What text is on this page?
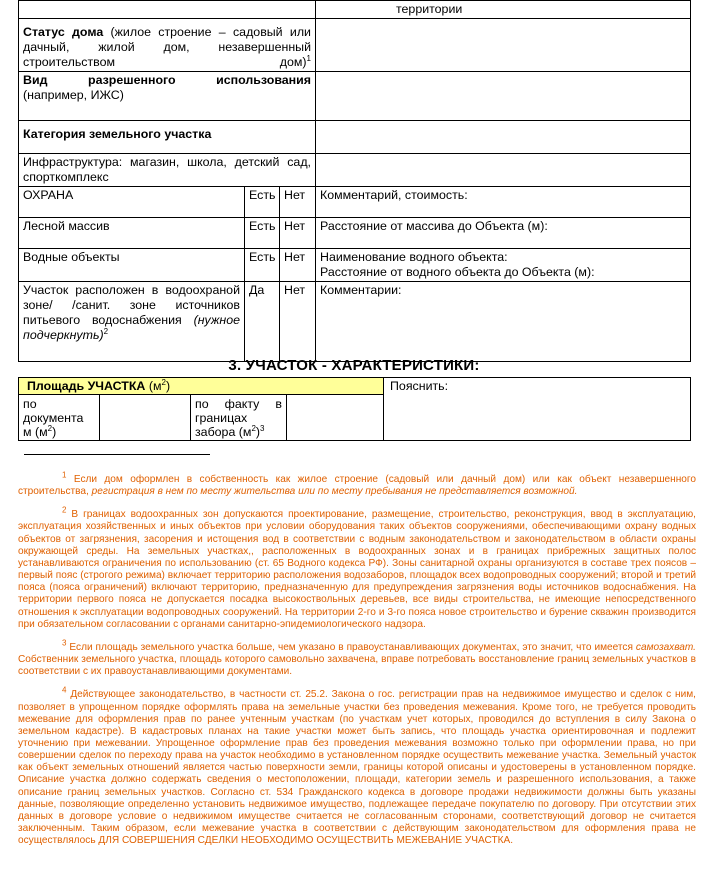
			территории
Статус дома (жилое строение – садовый или дачный, жилой дом, незавершенный строительством дом)$^1$	

Вид разрешенного использования
(например, ИЖС)			

Категория земельного участка			
Инфраструктура: магазин, школа, детский сад, спорткомплекс			
ОХРАНА	Есть	Нет	Комментарий, стоимость:
Лесной массив	Есть	Нет	Расстояние от массива до Объекта (м):
Водные объекты	Есть	Нет	Наименование водного объекта:
Расстояние от водного объекта до Объекта (м):

Участок расположен в водоохраной зоне/ /санит. зоне источников питьевого водоснабжения (нужное подчеркнуть)$^2$	Да	Нет	Комментарии:
3. УЧАСТОК - ХАРАКТЕРИСТИКИ:
Площадь УЧАСТКА $(м^2)$				Пояснить:
по документа м $(м^2)$		по факту в границах забора $(м^2)^3$	

$^1$ Если дом оформлен в собственность как жилое строение (садовый или дачный дом) или как объект незавершенного строительства, регистрация в нем по месту жительства или по месту пребывания не представляется возможной.

$^2$ В границах водоохранных зон допускаются проектирование, размещение, строительство, реконструкция, ввод в эксплуатацию, эксплуатация хозяйственных и иных объектов при условии оборудования таких объектов сооружениями, обеспечивающими охрану водных объектов от загрязнения, засорения и истощения вод в соответствии с водным законодательством и законодательством в области охраны окружающей среды. На земельных участках,, расположенных в водоохранных зонах и в границах прибрежных защитных полос устанавливаются ограничения по использованию (ст. 65 Водного кодекса РФ). Зоны санитарной охраны организуются в составе трех поясов – первый пояс (строгого режима) включает территорию расположения водозаборов, площадок всех водопроводных сооружений; второй и третий пояса (пояса ограничений) включают территорию, предназначенную для предупреждения загрязнения воды источников водоснабжения. На территории первого пояса не допускается посадка высокоствольных деревьев, все виды строительства, не имеющие непосредственного отношения к эксплуатации водопроводных сооружений. На территории 2-го и 3-го пояса новое строительство и бурение скважин производится при обязательном согласовании с органами санитарно-эпидемиологического надзора.

$^3$ Если площадь земельного участка больше, чем указано в правоустанавливающих документах, это значит, что имеется самозахват. Собственник земельного участка, площадь которого самовольно захвачена, вправе потребовать восстановление границ земельных участков в соответствии с их правоустанавливающими документами.

$^4$ Действующее законодательство, в частности ст. 25.2. Закона о гос. регистрации прав на недвижимое имущество и сделок с ним, позволяет в упрощенном порядке оформлять права на земельные участки без проведения межевания. Кроме того, не требуется проводить межевание для оформления прав по ранее учтенным участкам (по участкам учет которых, проводился до вступления в силу Закона о земельном кадастре). В кадастровых планах на такие участки может быть запись, что площадь участка ориентировочная и подлежит уточнению при межевании. Упрощенное оформление прав без проведения межевания возможно только при оформлении права, но при совершении сделок по переходу права на участок необходимо в установленном порядке осуществить межевание участка. Земельный участок как объект земельных отношений является частью поверхности земли, границы которой описаны и удостоверены в установленном порядке. Описание участка должно содержать сведения о местоположении, площади, категории земель и разрешенного использования, а также описание границ земельных участков. Согласно ст. 534 Гражданского кодекса в договоре продажи недвижимости должны быть указаны данные, позволяющие определенно установить недвижимое имущество, подлежащее передаче покупателю по договору. При отсутствии этих данных в договоре условие о недвижимом имуществе считается не согласованным сторонами, соответствующий договор не считается заключенным. Таким образом, если межевание участка в соответствии с действующим законодательством для оформления права не осуществлялось ДЛЯ СОВЕРШЕНИЯ СДЕЛКИ НЕОБХОДИМО ОСУЩЕСТВИТЬ МЕЖЕВАНИЕ УЧАСТКА.
